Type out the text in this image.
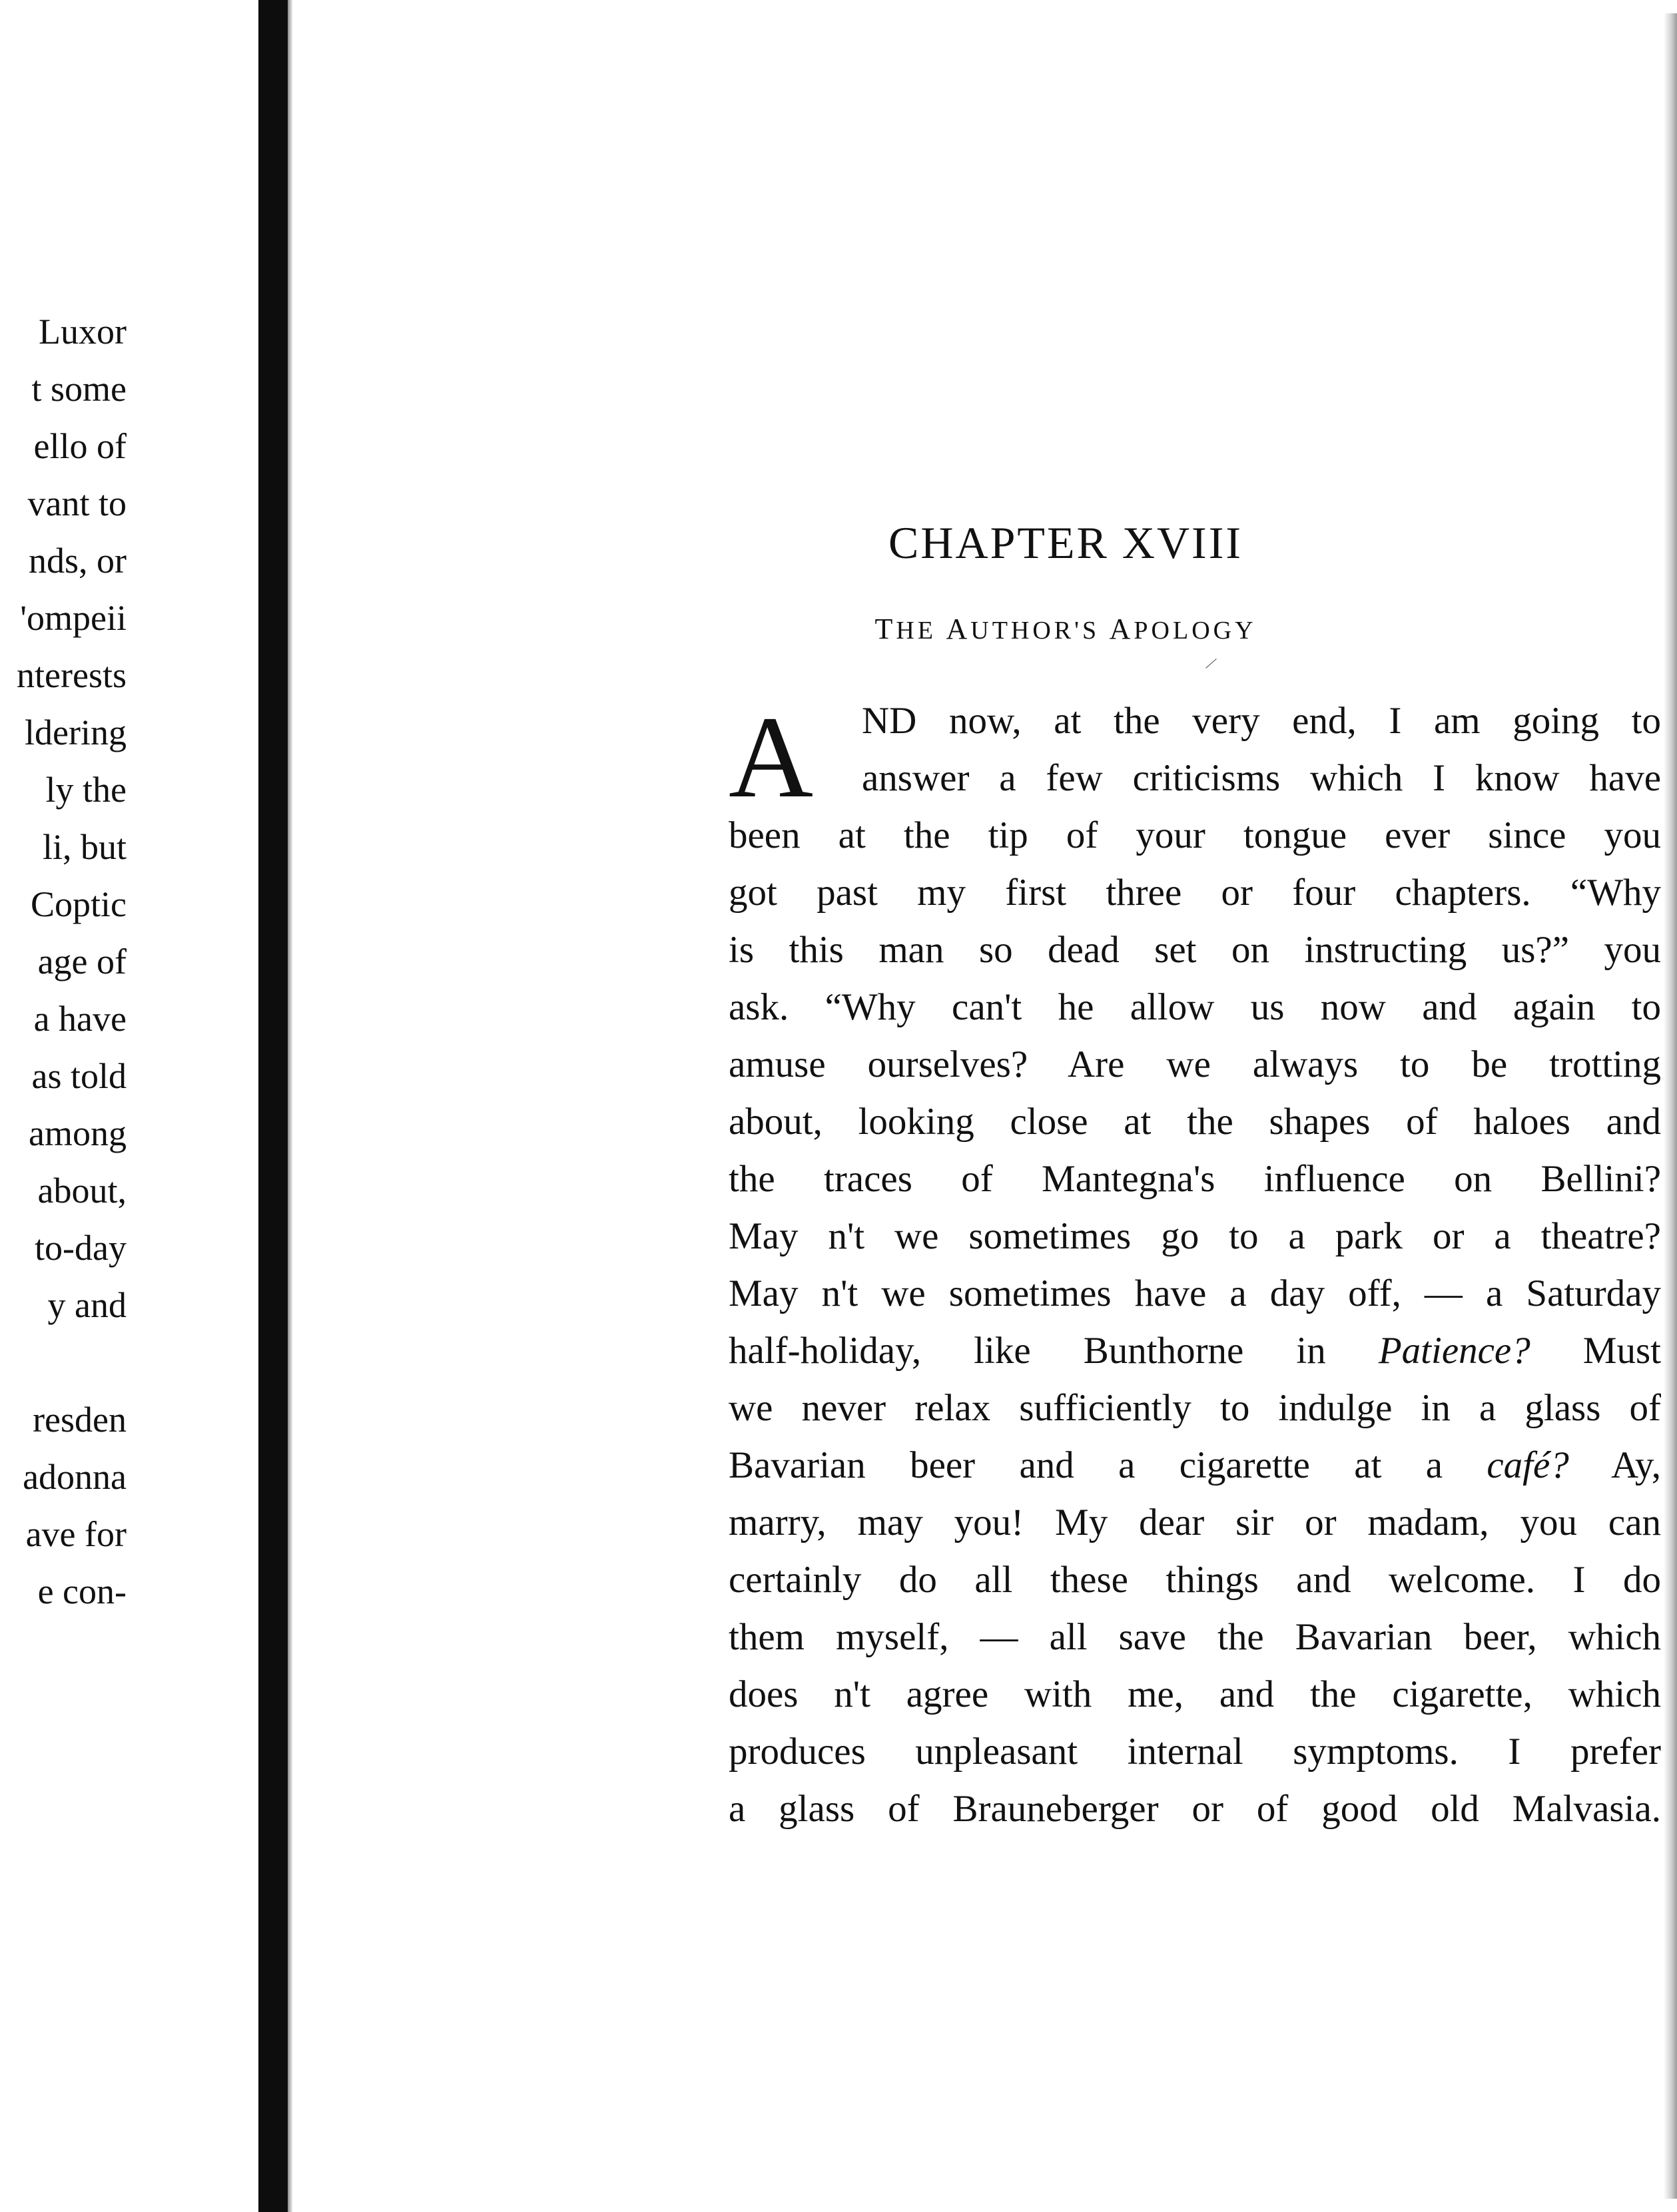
Luxor
t some
ello of
vant to
nds, or
'ompeii
nterests
ldering
ly the
li, but
Coptic
age of
a have
as told
among
about,
to-day
y and
resden
adonna
ave for
e con-
CHAPTER XVIII
THE AUTHOR'S APOLOGY
/
A ND now, at the very end, I am going to
answer a few criticisms which I know have
been at the tip of your tongue ever since you
got past my first three or four chapters. “Why
is this man so dead set on instructing us?” you
ask. “Why can't he allow us now and again to
amuse ourselves? Are we always to be trotting
about, looking close at the shapes of haloes and
the traces of Mantegna's influence on Bellini?
May n't we sometimes go to a park or a theatre?
May n't we sometimes have a day off, — a Saturday
half-holiday, like Bunthorne in Patience? Must
we never relax sufficiently to indulge in a glass of
Bavarian beer and a cigarette at a café? Ay,
marry, may you! My dear sir or madam, you can
certainly do all these things and welcome. I do
them myself, — all save the Bavarian beer, which
does n't agree with me, and the cigarette, which
produces unpleasant internal symptoms. I prefer
a glass of Brauneberger or of good old Malvasia.
